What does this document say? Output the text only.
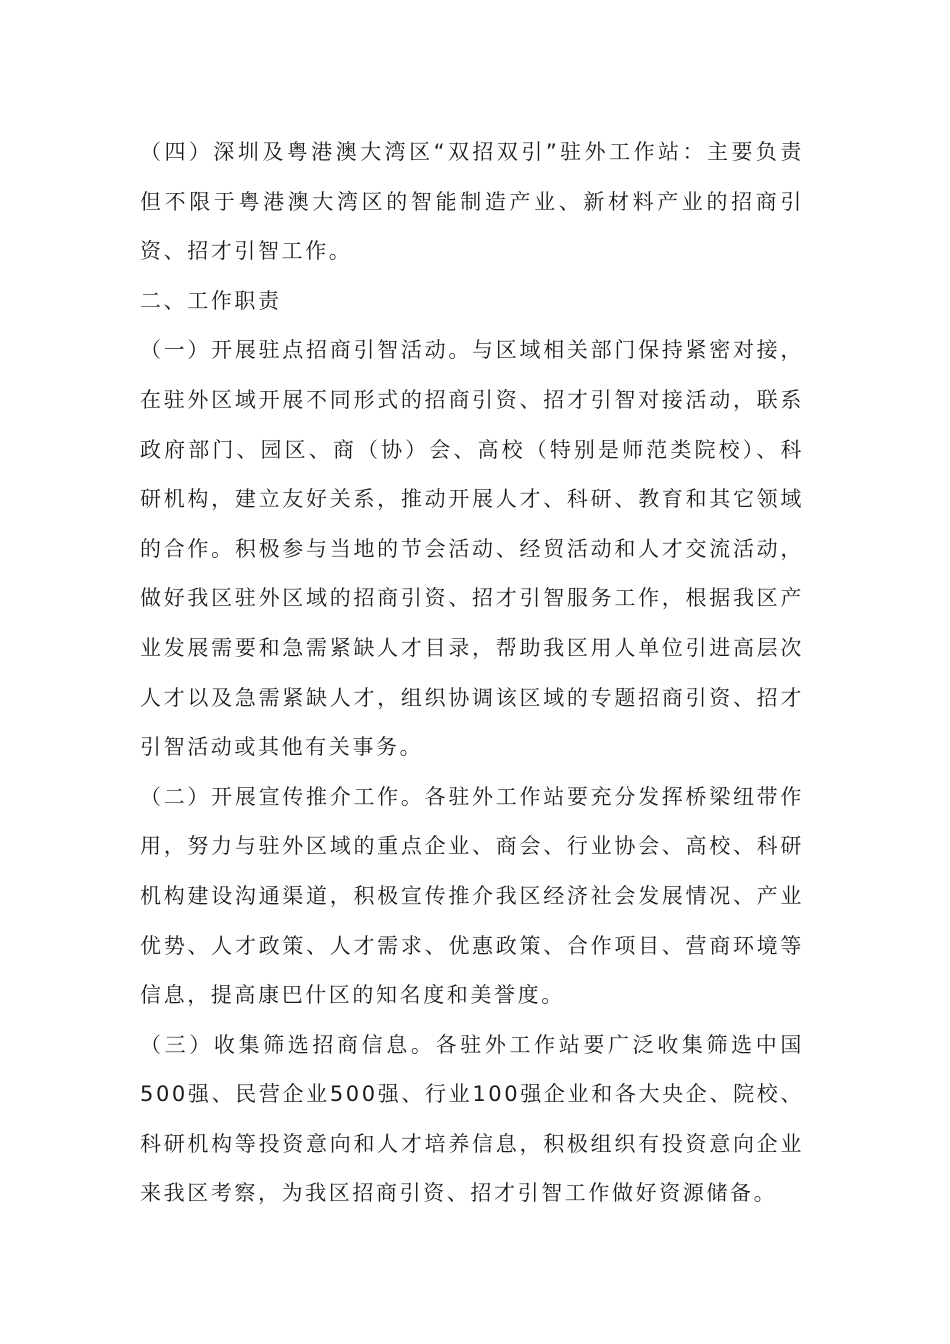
（四）深圳及粤港澳大湾区“双招双引”驻外工作站：主要负责但不限于粤港澳大湾区的智能制造产业、新材料产业的招商引资、招才引智工作。

二、工作职责

（一）开展驻点招商引智活动。与区域相关部门保持紧密对接，在驻外区域开展不同形式的招商引资、招才引智对接活动，联系政府部门、园区、商（协）会、高校（特别是师范类院校）、科研机构，建立友好关系，推动开展人才、科研、教育和其它领域的合作。积极参与当地的节会活动、经贸活动和人才交流活动，做好我区驻外区域的招商引资、招才引智服务工作，根据我区产业发展需要和急需紧缺人才目录，帮助我区用人单位引进高层次人才以及急需紧缺人才，组织协调该区域的专题招商引资、招才引智活动或其他有关事务。

（二）开展宣传推介工作。各驻外工作站要充分发挥桥梁纽带作用，努力与驻外区域的重点企业、商会、行业协会、高校、科研机构建设沟通渠道，积极宣传推介我区经济社会发展情况、产业优势、人才政策、人才需求、优惠政策、合作项目、营商环境等信息，提高康巴什区的知名度和美誉度。

（三）收集筛选招商信息。各驻外工作站要广泛收集筛选中国500强、民营企业500强、行业100强企业和各大央企、院校、科研机构等投资意向和人才培养信息，积极组织有投资意向企业来我区考察，为我区招商引资、招才引智工作做好资源储备。
